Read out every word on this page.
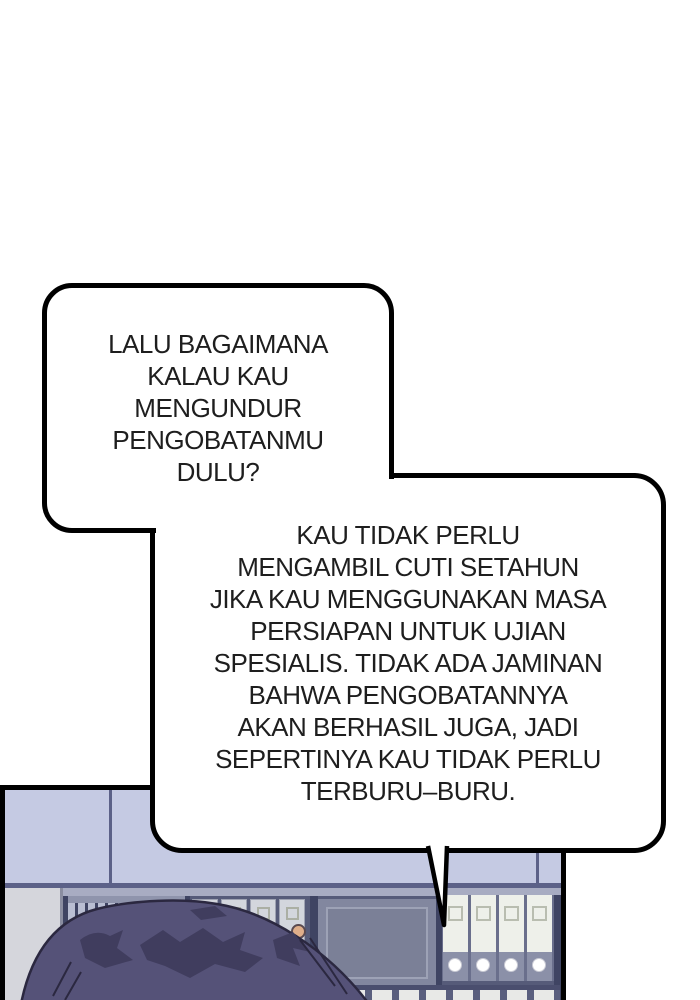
LALU BAGAIMANA
KALAU KAU
MENGUNDUR
PENGOBATANMU
DULU?
KAU TIDAK PERLU
MENGAMBIL CUTI SETAHUN
JIKA KAU MENGGUNAKAN MASA
PERSIAPAN UNTUK UJIAN
SPESIALIS. TIDAK ADA JAMINAN
BAHWA PENGOBATANNYA
AKAN BERHASIL JUGA, JADI
SEPERTINYA KAU TIDAK PERLU
TERBURU–BURU.
